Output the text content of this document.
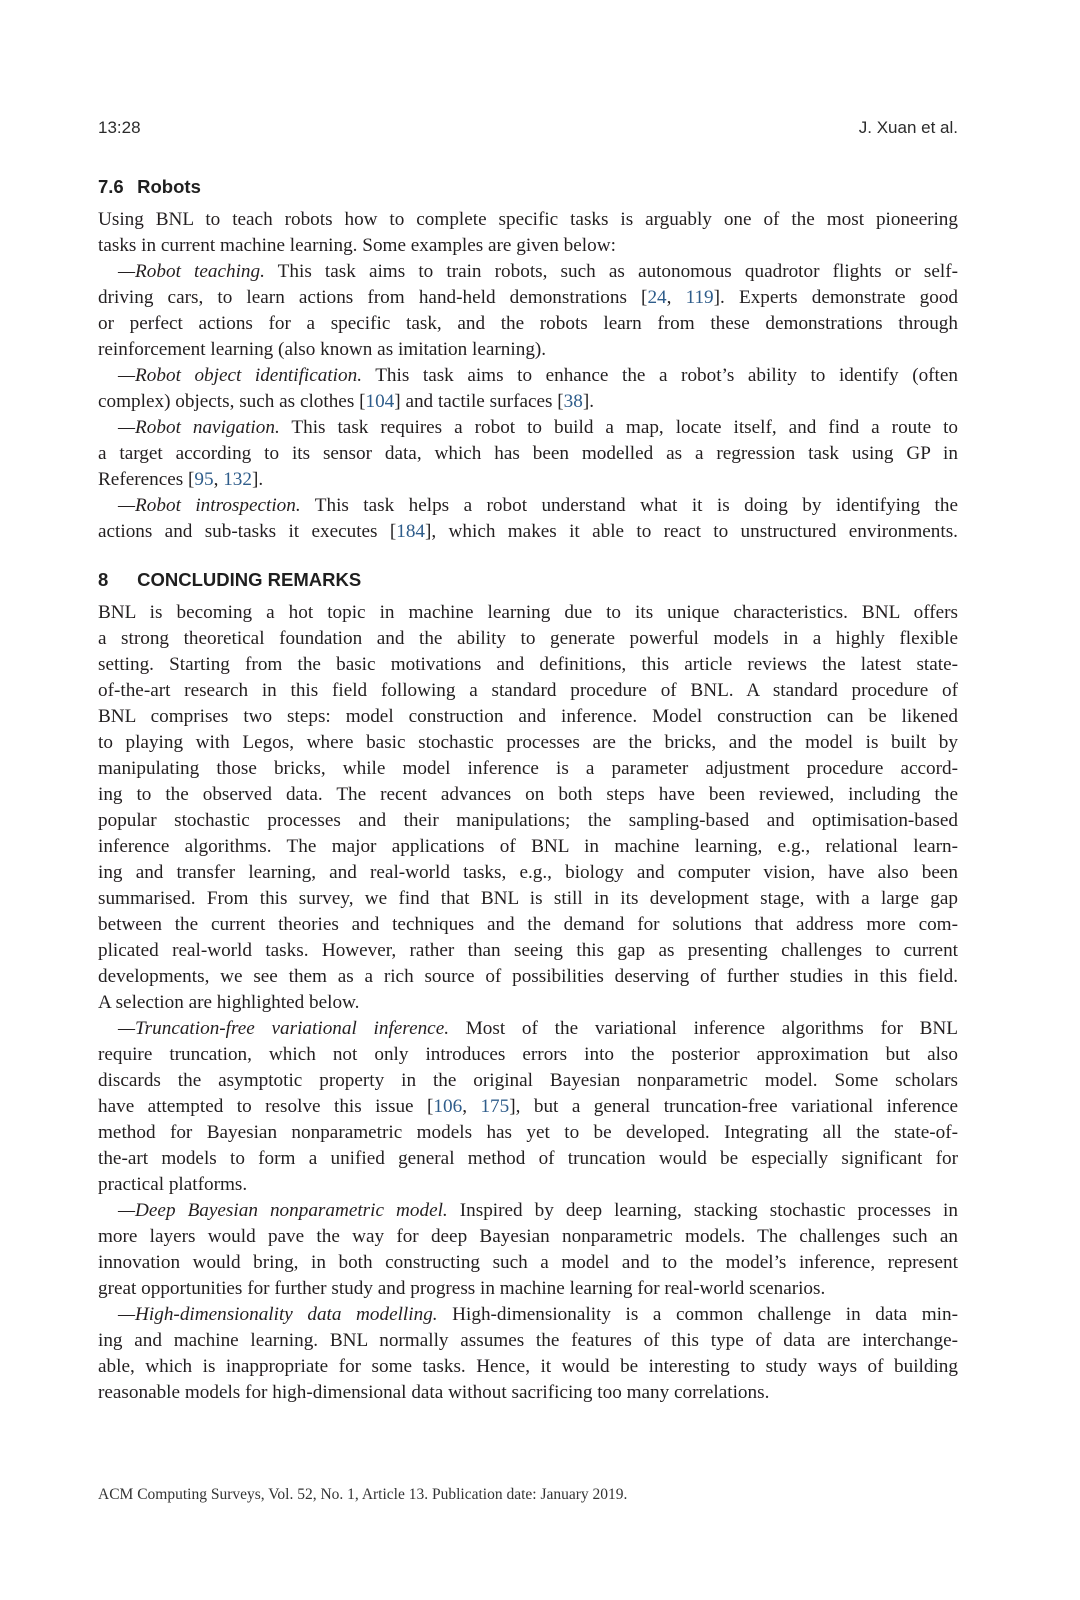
13:28	J. Xuan et al.
7.6 Robots
Using BNL to teach robots how to complete specific tasks is arguably one of the most pioneering
tasks in current machine learning. Some examples are given below:
—Robot teaching. This task aims to train robots, such as autonomous quadrotor flights or self-
driving cars, to learn actions from hand-held demonstrations [24, 119]. Experts demonstrate good
or perfect actions for a specific task, and the robots learn from these demonstrations through
reinforcement learning (also known as imitation learning).
—Robot object identification. This task aims to enhance the a robot’s ability to identify (often
complex) objects, such as clothes [104] and tactile surfaces [38].
—Robot navigation. This task requires a robot to build a map, locate itself, and find a route to
a target according to its sensor data, which has been modelled as a regression task using GP in
References [95, 132].
—Robot introspection. This task helps a robot understand what it is doing by identifying the
actions and sub-tasks it executes [184], which makes it able to react to unstructured environments.
8 CONCLUDING REMARKS
BNL is becoming a hot topic in machine learning due to its unique characteristics. BNL offers
a strong theoretical foundation and the ability to generate powerful models in a highly flexible
setting. Starting from the basic motivations and definitions, this article reviews the latest state-
of-the-art research in this field following a standard procedure of BNL. A standard procedure of
BNL comprises two steps: model construction and inference. Model construction can be likened
to playing with Legos, where basic stochastic processes are the bricks, and the model is built by
manipulating those bricks, while model inference is a parameter adjustment procedure accord-
ing to the observed data. The recent advances on both steps have been reviewed, including the
popular stochastic processes and their manipulations; the sampling-based and optimisation-based
inference algorithms. The major applications of BNL in machine learning, e.g., relational learn-
ing and transfer learning, and real-world tasks, e.g., biology and computer vision, have also been
summarised. From this survey, we find that BNL is still in its development stage, with a large gap
between the current theories and techniques and the demand for solutions that address more com-
plicated real-world tasks. However, rather than seeing this gap as presenting challenges to current
developments, we see them as a rich source of possibilities deserving of further studies in this field.
A selection are highlighted below.
—Truncation-free variational inference. Most of the variational inference algorithms for BNL
require truncation, which not only introduces errors into the posterior approximation but also
discards the asymptotic property in the original Bayesian nonparametric model. Some scholars
have attempted to resolve this issue [106, 175], but a general truncation-free variational inference
method for Bayesian nonparametric models has yet to be developed. Integrating all the state-of-
the-art models to form a unified general method of truncation would be especially significant for
practical platforms.
—Deep Bayesian nonparametric model. Inspired by deep learning, stacking stochastic processes in
more layers would pave the way for deep Bayesian nonparametric models. The challenges such an
innovation would bring, in both constructing such a model and to the model’s inference, represent
great opportunities for further study and progress in machine learning for real-world scenarios.
—High-dimensionality data modelling. High-dimensionality is a common challenge in data min-
ing and machine learning. BNL normally assumes the features of this type of data are interchange-
able, which is inappropriate for some tasks. Hence, it would be interesting to study ways of building
reasonable models for high-dimensional data without sacrificing too many correlations.
ACM Computing Surveys, Vol. 52, No. 1, Article 13. Publication date: January 2019.
